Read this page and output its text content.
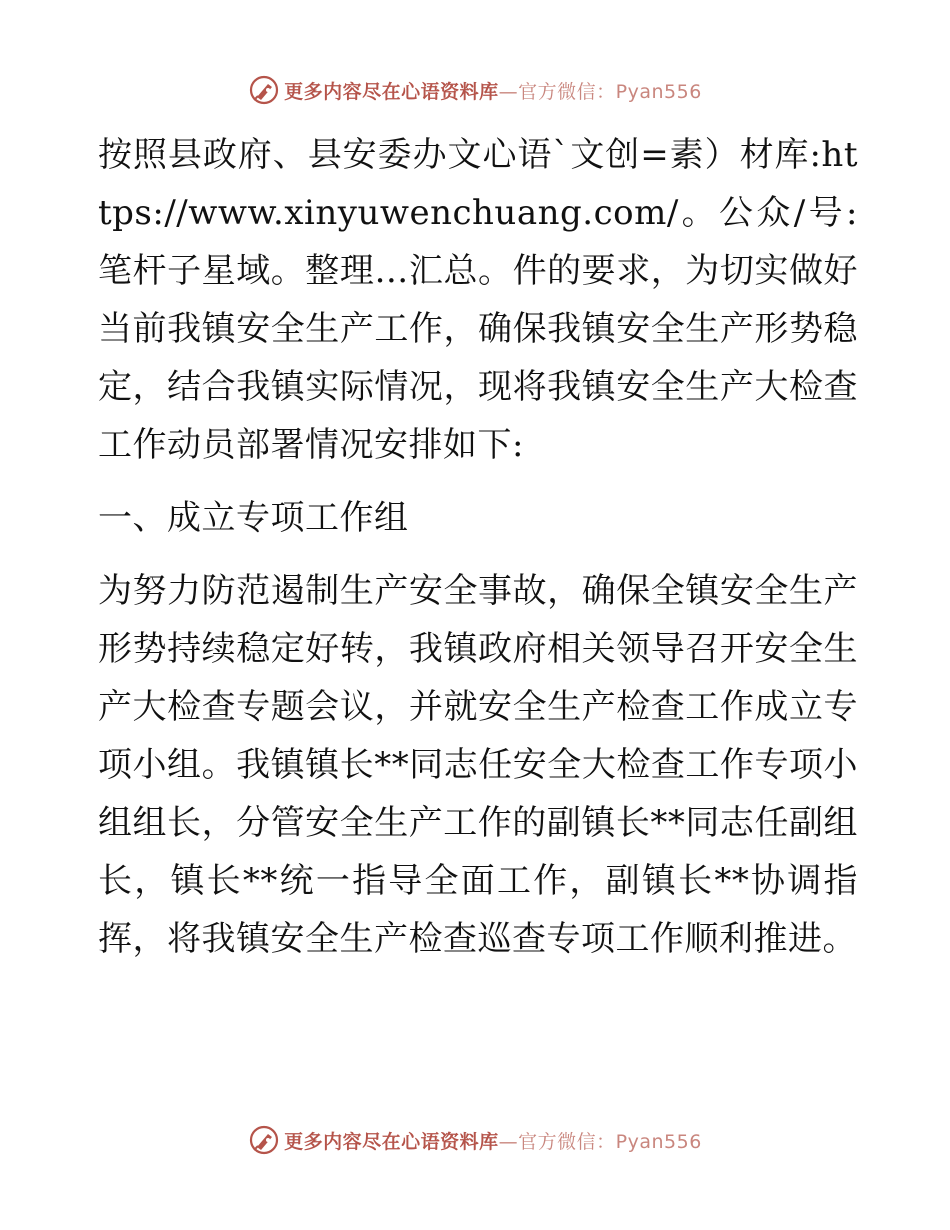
更多内容尽在心语资料库—官方微信：Pyan556

按照县政府、县安委办文心语`文创=素）材库:https://www.xinyuwenchuang.com/。公众/号: 笔杆子星域。整理…汇总。件的要求，为切实做好当前我镇安全生产工作，确保我镇安全生产形势稳定，结合我镇实际情况，现将我镇安全生产大检查工作动员部署情况安排如下:

一、成立专项工作组

为努力防范遏制生产安全事故，确保全镇安全生产形势持续稳定好转，我镇政府相关领导召开安全生产大检查专题会议，并就安全生产检查工作成立专项小组。我镇镇长**同志任安全大检查工作专项小组组长，分管安全生产工作的副镇长**同志任副组长，镇长**统一指导全面工作，副镇长**协调指挥，将我镇安全生产检查巡查专项工作顺利推进。

更多内容尽在心语资料库—官方微信：Pyan556
